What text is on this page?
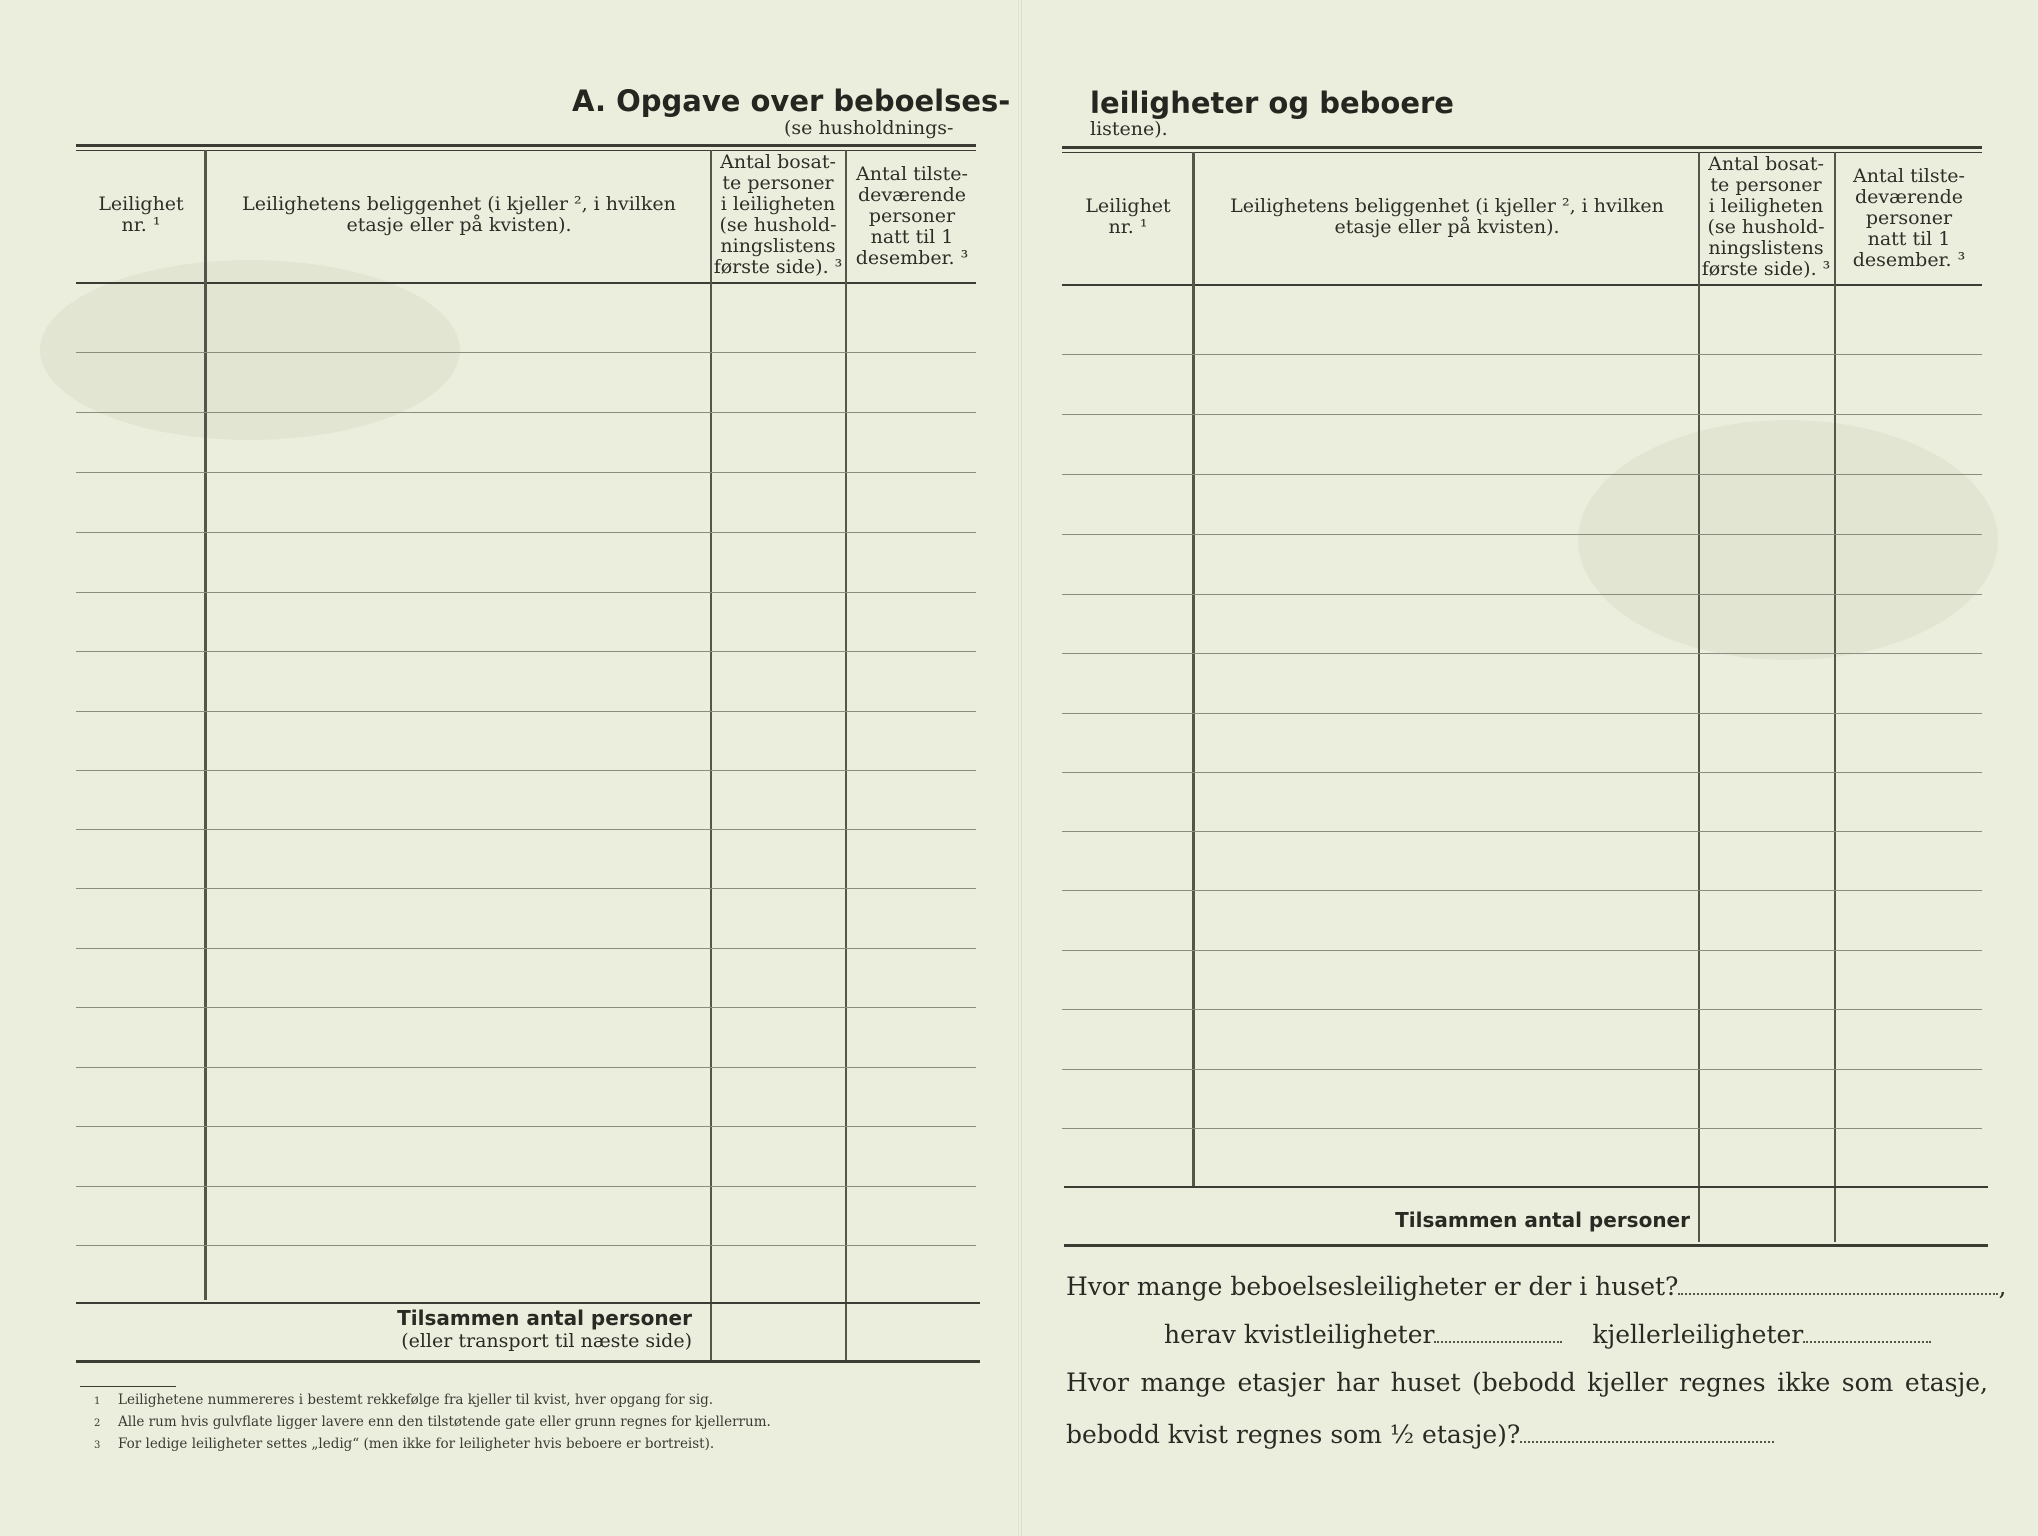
A. Opgave over beboelses-
(se husholdnings-
Leilighet
nr. ¹
Leilighetens beliggenhet (i kjeller ², i hvilken
etasje eller på kvisten).
Antal bosat-
te personer
i leiligheten
(se hushold-
ningslistens
første side). ³
Antal tilste-
deværende
personer
natt til 1
desember. ³
Tilsammen antal personer
(eller transport til næste side)
1 Leilighetene nummereres i bestemt rekkefølge fra kjeller til kvist, hver opgang for sig.
2 Alle rum hvis gulvflate ligger lavere enn den tilstøtende gate eller grunn regnes for kjellerrum.
3 For ledige leiligheter settes „ledig“ (men ikke for leiligheter hvis beboere er bortreist).
leiligheter og beboere
listene).
Leilighet
nr. ¹
Leilighetens beliggenhet (i kjeller ², i hvilken
etasje eller på kvisten).
Antal bosat-
te personer
i leiligheten
(se hushold-
ningslistens
første side). ³
Antal tilste-
deværende
personer
natt til 1
desember. ³
Tilsammen antal personer
Hvor mange beboelsesleiligheter er der i huset?	,
herav kvistleiligheter	kjellerleiligheter
Hvor mange etasjer har huset (bebodd kjeller regnes ikke som etasje,
bebodd kvist regnes som ½ etasje)?
